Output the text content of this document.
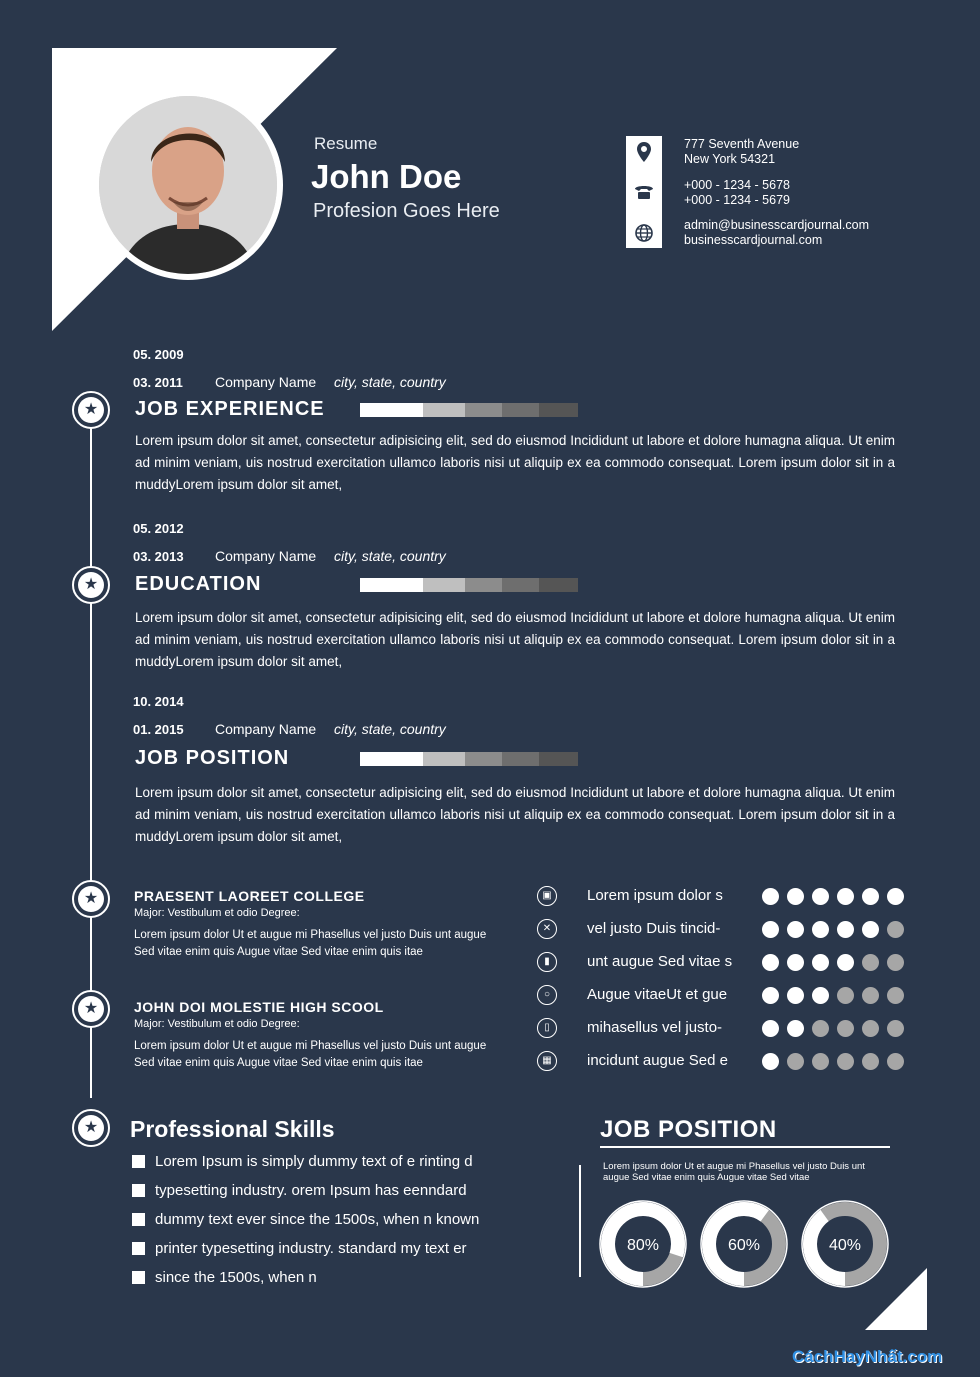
Resume
John Doe
Profesion Goes Here
777 Seventh Avenue
New York 54321
+000 - 1234 - 5678
+000 - 1234 - 5679
admin@businesscardjournal.com
businesscardjournal.com
05. 2009
03. 2011 Company Name city, state, country
★ JOB EXPERIENCE
Lorem ipsum dolor sit amet, consectetur adipisicing elit, sed do eiusmod Incididunt ut labore et dolore humagna aliqua. Ut enim ad minim veniam, uis nostrud exercitation ullamco laboris nisi ut aliquip ex ea commodo consequat. Lorem ipsum dolor sit in a muddyLorem ipsum dolor sit amet,
05. 2012
03. 2013 Company Name city, state, country
★ EDUCATION
Lorem ipsum dolor sit amet, consectetur adipisicing elit, sed do eiusmod Incididunt ut labore et dolore humagna aliqua. Ut enim ad minim veniam, uis nostrud exercitation ullamco laboris nisi ut aliquip ex ea commodo consequat. Lorem ipsum dolor sit in a muddyLorem ipsum dolor sit amet,
10. 2014
01. 2015 Company Name city, state, country
JOB POSITION
Lorem ipsum dolor sit amet, consectetur adipisicing elit, sed do eiusmod Incididunt ut labore et dolore humagna aliqua. Ut enim ad minim veniam, uis nostrud exercitation ullamco laboris nisi ut aliquip ex ea commodo consequat. Lorem ipsum dolor sit in a muddyLorem ipsum dolor sit amet,
★	PRAESENT LAOREET COLLEGE
Major: Vestibulum et odio Degree:
Lorem ipsum dolor Ut et augue mi Phasellus vel justo Duis unt augue Sed vitae enim quis Augue vitae Sed vitae enim quis itae
★	JOHN DOI MOLESTIE HIGH SCOOL
Major: Vestibulum et odio Degree:
Lorem ipsum dolor Ut et augue mi Phasellus vel justo Duis unt augue Sed vitae enim quis Augue vitae Sed vitae enim quis itae
▣	Lorem ipsum dolor s
✕	vel justo Duis tincid-
▮	unt augue Sed vitae s
○	Augue vitaeUt et gue
▯	mihasellus vel justo-
▦	incidunt augue Sed e
★ Professional Skills
Lorem Ipsum is simply dummy text of e rinting d
typesetting industry. orem Ipsum has eenndard
dummy text ever since the 1500s, when n known
printer typesetting industry. standard my text er
since the 1500s, when n
JOB POSITION
Lorem ipsum dolor Ut et augue mi Phasellus vel justo Duis unt augue Sed vitae enim quis Augue vitae Sed vitae
80%	60%	40%
CáchHayNhất.com
